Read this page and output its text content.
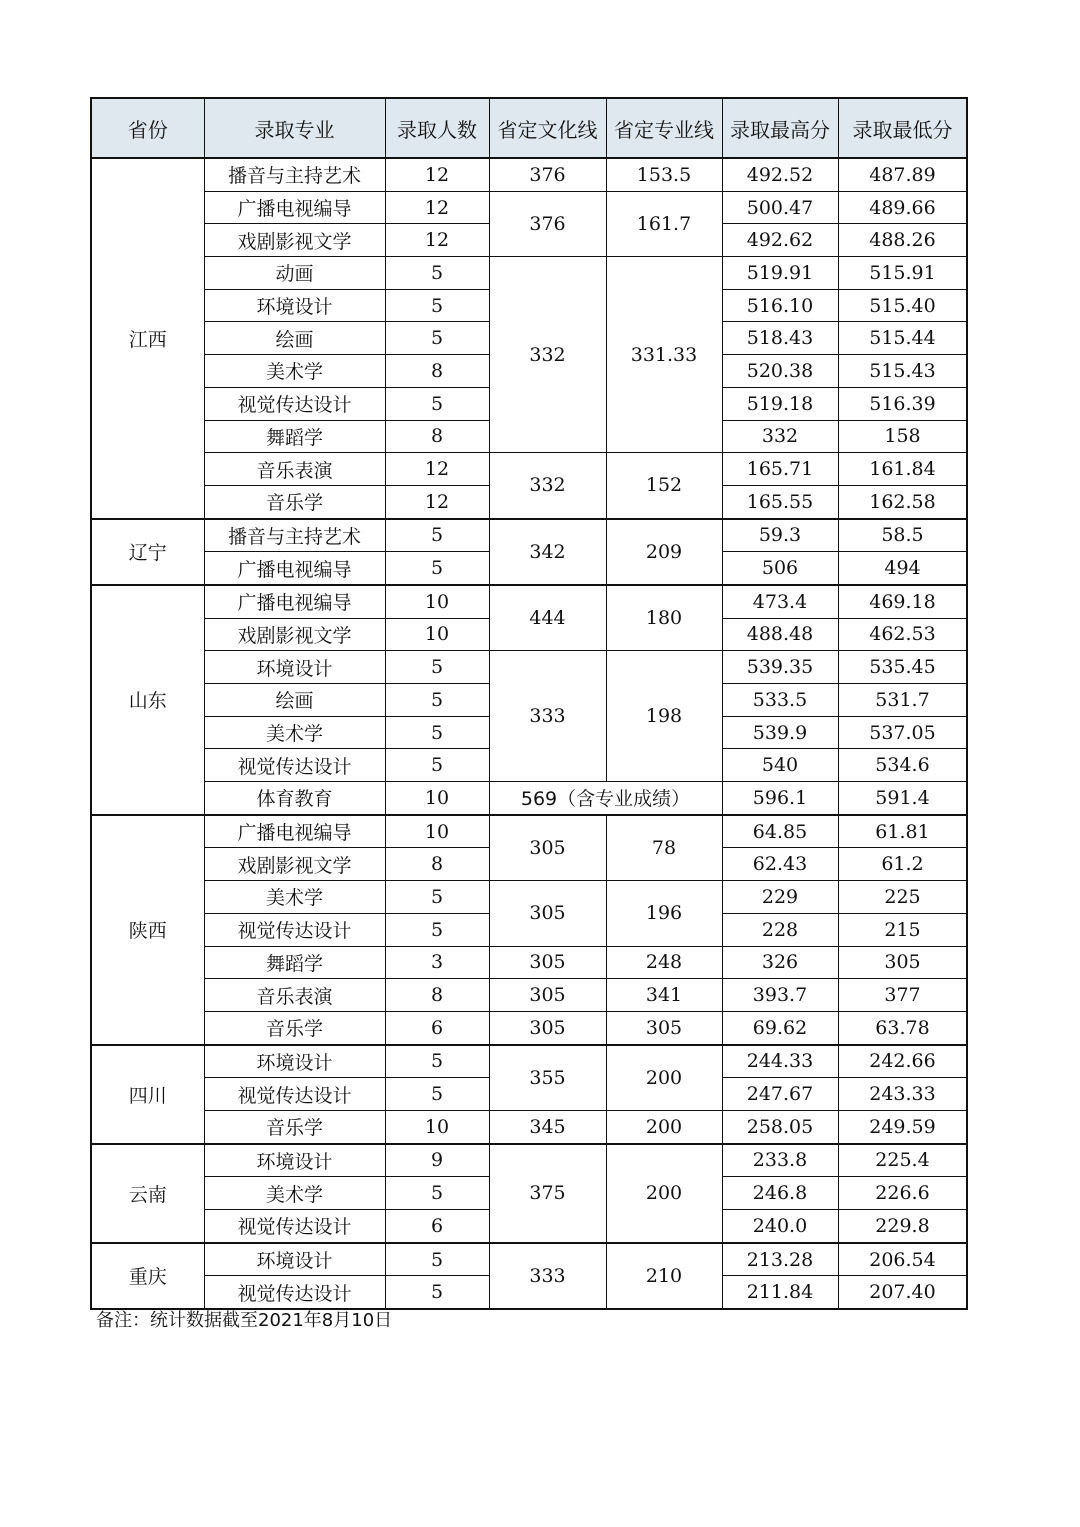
省份	录取专业	录取人数	省定文化线	省定专业线	录取最高分	录取最低分	
江西	播音与主持艺术	12	376	153.5	492.52	487.89	
	广播电视编导	12	376	161.7	500.47	489.66	
	戏剧影视文学	12			492.62	488.26	
	动画	5	332	331.33	519.91	515.91	
	环境设计	5			516.10	515.40	
	绘画	5			518.43	515.44	
	美术学	8			520.38	515.43	
	视觉传达设计	5			519.18	516.39	
	舞蹈学	8			332	158		
	音乐表演	12	332	152	165.71	161.84	
	音乐学	12			165.55	162.58	
辽宁	播音与主持艺术	5	342	209	59.3	58.5	
	广播电视编导	5			506	494	
山东	广播电视编导	10	444	180	473.4	469.18	
	戏剧影视文学	10			488.48	462.53	
	环境设计	5	333	198	539.35	535.45	
	绘画	5			533.5	531.7	
	美术学	5			539.9	537.05	
	视觉传达设计	5			540	534.6	
	体育教育	10	569（含专业成绩）		596.1	591.4	
陕西	广播电视编导	10	305	78	64.85	61.81	
	戏剧影视文学	8			62.43	61.2	
	美术学	5	305	196	229	225	
	视觉传达设计	5			228	215	
	舞蹈学	3	305	248	326	305	
	音乐表演	8	305	341	393.7	377	
	音乐学	6	305	305	69.62	63.78	
四川	环境设计	5	355	200	244.33	242.66	
	视觉传达设计	5			247.67	243.33	
	音乐学	10	345	200	258.05	249.59	
云南	环境设计	9	375	200	233.8	225.4	
	美术学	5			246.8	226.6	
	视觉传达设计	6			240.0	229.8	
重庆	环境设计	5	333	210	213.28	206.54	
	视觉传达设计	5			211.84	207.40	
备注：统计数据截至2021年8月10日
